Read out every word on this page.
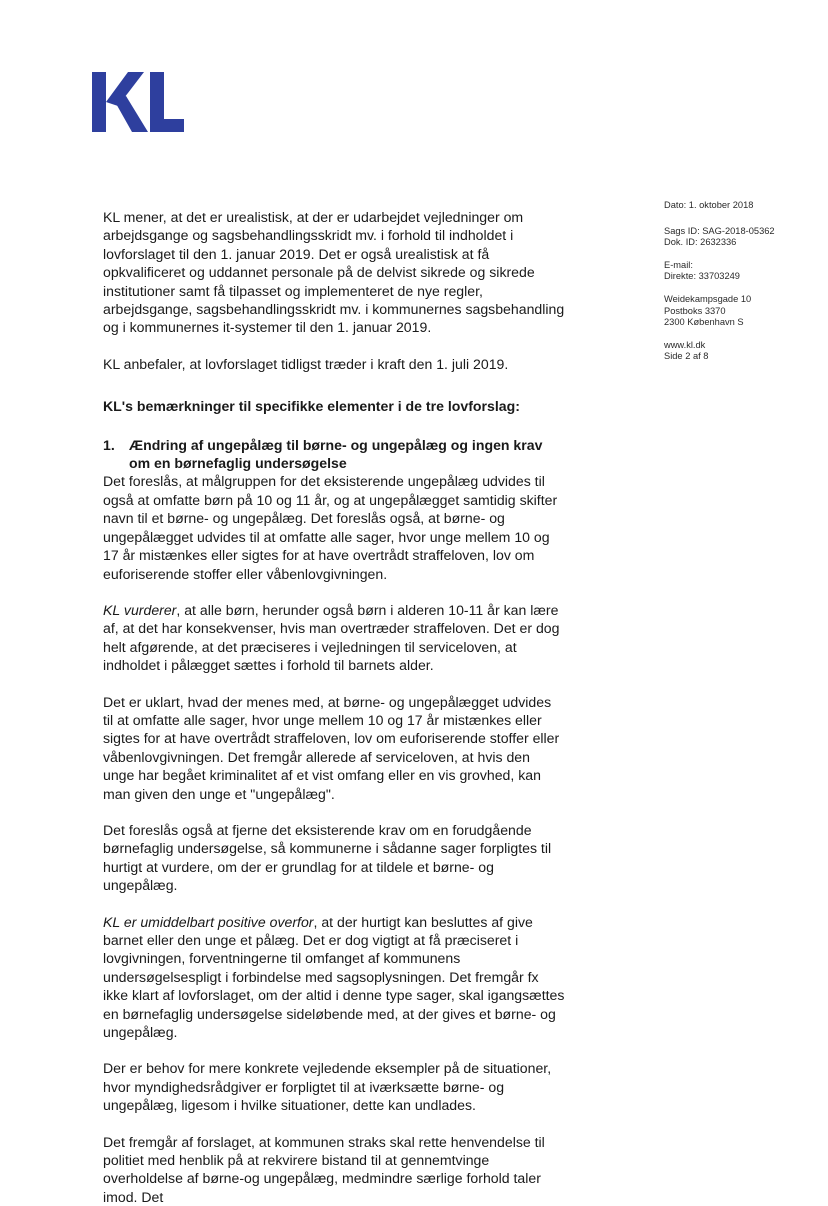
Dato: 1. oktober 2018
Sags ID: SAG-2018-05362
Dok. ID: 2632336
E-mail:
Direkte: 33703249
Weidekampsgade 10
Postboks 3370
2300 København S
www.kl.dk
Side 2 af 8

KL mener, at det er urealistisk, at der er udarbejdet vejledninger om arbejdsgange og sagsbehandlingsskridt mv. i forhold til indholdet i lovforslaget til den 1. januar 2019. Det er også urealistisk at få opkvalificeret og uddannet personale på de delvist sikrede og sikrede institutioner samt få tilpasset og implementeret de nye regler, arbejdsgange, sagsbehandlingsskridt mv. i kommunernes sagsbehandling og i kommunernes it-systemer til den 1. januar 2019.

KL anbefaler, at lovforslaget tidligst træder i kraft den 1. juli 2019.

KL's bemærkninger til specifikke elementer i de tre lovforslag:
1.	Ændring af ungepålæg til børne- og ungepålæg og ingen krav om en børnefaglig undersøgelse

Det foreslås, at målgruppen for det eksisterende ungepålæg udvides til også at omfatte børn på 10 og 11 år, og at ungepålægget samtidig skifter navn til et børne- og ungepålæg. Det foreslås også, at børne- og ungepålægget udvides til at omfatte alle sager, hvor unge mellem 10 og 17 år mistænkes eller sigtes for at have overtrådt straffeloven, lov om euforiserende stoffer eller våbenlovgivningen.

KL vurderer, at alle børn, herunder også børn i alderen 10-11 år kan lære af, at det har konsekvenser, hvis man overtræder straffeloven. Det er dog helt afgørende, at det præciseres i vejledningen til serviceloven, at indholdet i pålægget sættes i forhold til barnets alder.

Det er uklart, hvad der menes med, at børne- og ungepålægget udvides til at omfatte alle sager, hvor unge mellem 10 og 17 år mistænkes eller sigtes for at have overtrådt straffeloven, lov om euforiserende stoffer eller våbenlovgivningen. Det fremgår allerede af serviceloven, at hvis den unge har begået kriminalitet af et vist omfang eller en vis grovhed, kan man given den unge et "ungepålæg".

Det foreslås også at fjerne det eksisterende krav om en forudgående børnefaglig undersøgelse, så kommunerne i sådanne sager forpligtes til hurtigt at vurdere, om der er grundlag for at tildele et børne- og ungepålæg.

KL er umiddelbart positive overfor, at der hurtigt kan besluttes af give barnet eller den unge et pålæg. Det er dog vigtigt at få præciseret i lovgivningen, forventningerne til omfanget af kommunens undersøgelsespligt i forbindelse med sagsoplysningen. Det fremgår fx ikke klart af lovforslaget, om der altid i denne type sager, skal igangsættes en børnefaglig undersøgelse sideløbende med, at der gives et børne- og ungepålæg.

Der er behov for mere konkrete vejledende eksempler på de situationer, hvor myndighedsrådgiver er forpligtet til at iværksætte børne- og ungepålæg, ligesom i hvilke situationer, dette kan undlades.

Det fremgår af forslaget, at kommunen straks skal rette henvendelse til politiet med henblik på at rekvirere bistand til at gennemtvinge overholdelse af børne-og ungepålæg, medmindre særlige forhold taler imod. Det
